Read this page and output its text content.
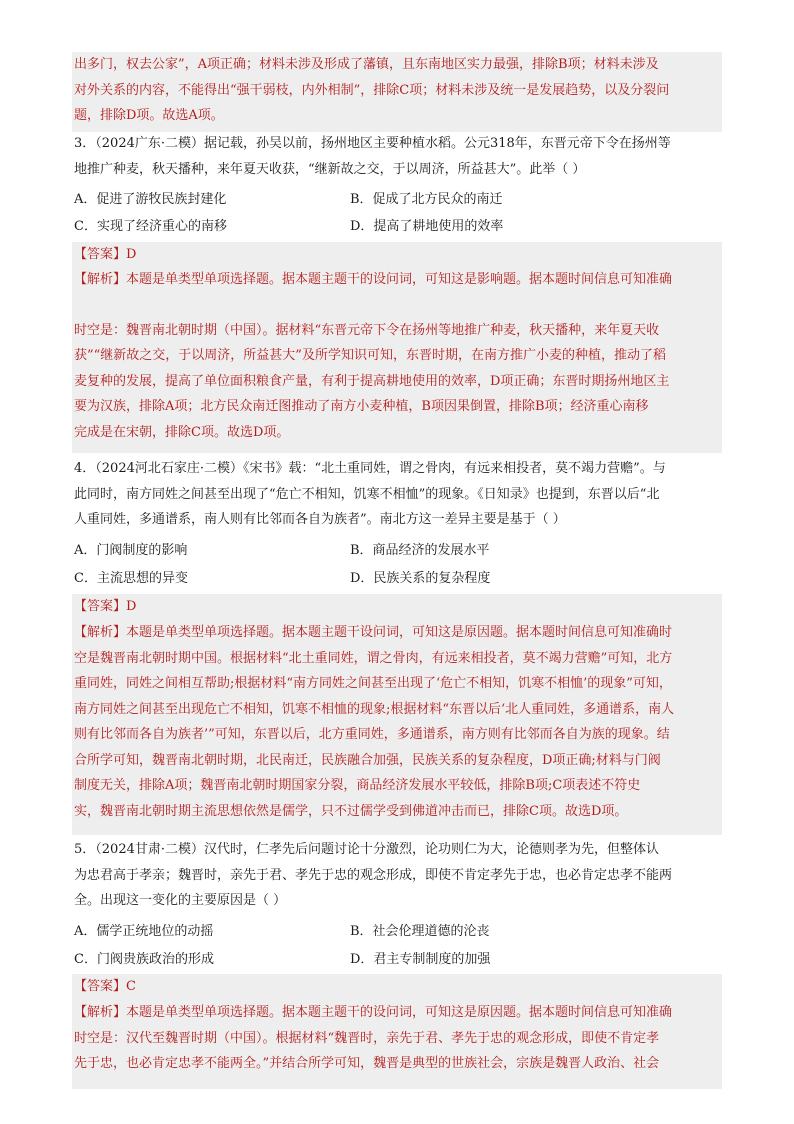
出多门，权去公家”，A项正确；材料未涉及形成了藩镇，且东南地区实力最强，排除B项；材料未涉及
对外关系的内容，不能得出“强干弱枝，内外相制”，排除C项；材料未涉及统一是发展趋势，以及分裂问
题，排除D项。故选A项。
3．（2024广东·二模）据记载，孙吴以前，扬州地区主要种植水稻。公元318年，东晋元帝下令在扬州等
地推广种麦，秋天播种，来年夏天收获，“继新故之交，于以周济，所益甚大”。此举（ ）
A．促进了游牧民族封建化	B．促成了北方民众的南迁
C．实现了经济重心的南移	D．提高了耕地使用的效率
【答案】D
【解析】本题是单类型单项选择题。据本题主题干的设问词，可知这是影响题。据本题时间信息可知准确
时空是：魏晋南北朝时期（中国）。据材料“东晋元帝下令在扬州等地推广种麦，秋天播种，来年夏天收
获”“继新故之交，于以周济，所益甚大”及所学知识可知，东晋时期，在南方推广小麦的种植，推动了稻
麦复种的发展，提高了单位面积粮食产量，有利于提高耕地使用的效率，D项正确；东晋时期扬州地区主
要为汉族，排除A项；北方民众南迁图推动了南方小麦种植，B项因果倒置，排除B项；经济重心南移
完成是在宋朝，排除C项。故选D项。
4．（2024河北石家庄·二模）《宋书》载：“北土重同姓，谓之骨肉，有远来相投者，莫不竭力营赡”。与
此同时，南方同姓之间甚至出现了“危亡不相知，饥寒不相恤”的现象。《日知录》也提到，东晋以后“北
人重同姓，多通谱系，南人则有比邻而各自为族者”。南北方这一差异主要是基于（ ）
A．门阀制度的影响	B．商品经济的发展水平
C．主流思想的异变	D．民族关系的复杂程度
【答案】D
【解析】本题是单类型单项选择题。据本题主题干设问词，可知这是原因题。据本题时间信息可知准确时
空是魏晋南北朝时期中国。根据材料“北土重同姓，谓之骨肉，有远来相投者，莫不竭力营赡”可知，北方
重同姓，同姓之间相互帮助;根据材料“南方同姓之间甚至出现了‘危亡不相知，饥寒不相恤’的现象”可知，
南方同姓之间甚至出现危亡不相知，饥寒不相恤的现象;根据材料“东晋以后‘北人重同姓，多通谱系，南人
则有比邻而各自为族者’”可知，东晋以后，北方重同姓，多通谱系，南方则有比邻而各自为族的现象。结
合所学可知，魏晋南北朝时期，北民南迁，民族融合加强，民族关系的复杂程度，D项正确;材料与门阀
制度无关，排除A项；魏晋南北朝时期国家分裂，商品经济发展水平较低，排除B项;C项表述不符史
实，魏晋南北朝时期主流思想依然是儒学，只不过儒学受到佛道冲击而已，排除C项。故选D项。
5．（2024甘肃·二模）汉代时，仁孝先后问题讨论十分激烈，论功则仁为大，论德则孝为先，但整体认
为忠君高于孝亲；魏晋时，亲先于君、孝先于忠的观念形成，即使不肯定孝先于忠，也必肯定忠孝不能两
全。出现这一变化的主要原因是（ ）
A．儒学正统地位的动摇	B．社会伦理道德的沦丧
C．门阀贵族政治的形成	D．君主专制制度的加强
【答案】C
【解析】本题是单类型单项选择题。据本题主题干的设问词，可知这是原因题。据本题时间信息可知准确
时空是：汉代至魏晋时期（中国）。根据材料“魏晋时，亲先于君、孝先于忠的观念形成，即使不肯定孝
先于忠，也必肯定忠孝不能两全。”并结合所学可知，魏晋是典型的世族社会，宗族是魏晋人政治、社会
